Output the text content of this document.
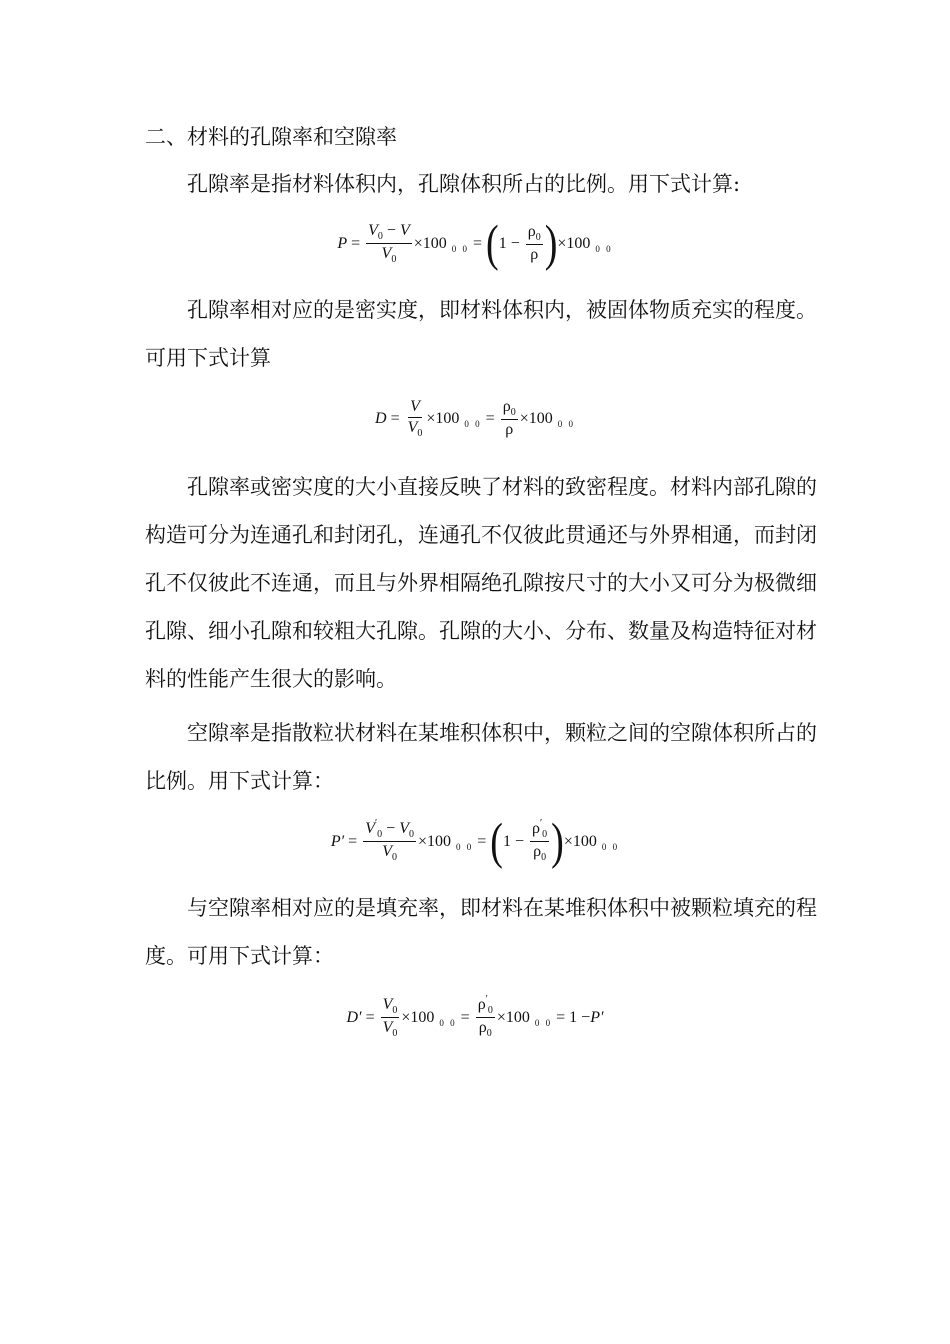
二、材料的孔隙率和空隙率

孔隙率是指材料体积内，孔隙体积所占的比例。用下式计算:

$P = \frac{V_0 - V}{V_0} \times 100$ 0 0 = ( $1 - \frac{\rho_0}{\rho}$ ) ×100 0 0

孔隙率相对应的是密实度，即材料体积内，被固体物质充实的程度。可用下式计算

$D = \frac{V}{V_0} \times 100$ 0 $0 = \frac{\rho_0}{\rho} \times 100$ 0 0

孔隙率或密实度的大小直接反映了材料的致密程度。材料内部孔隙的构造可分为连通孔和封闭孔，连通孔不仅彼此贯通还与外界相通，而封闭孔不仅彼此不连通，而且与外界相隔绝孔隙按尺寸的大小又可分为极微细孔隙、细小孔隙和较粗大孔隙。孔隙的大小、分布、数量及构造特征对材料的性能产生很大的影响。

空隙率是指散粒状材料在某堆积体积中，颗粒之间的空隙体积所占的比例。用下式计算：

$P' = \frac{V'_0 - V_0}{V_0} \times 100$ 0 0 = ( $1 - \frac{\rho'_0}{\rho_0}$ ) ×100 0 0

与空隙率相对应的是填充率，即材料在某堆积体积中被颗粒填充的程度。可用下式计算：

$D' = \frac{V_0}{V_0} \times 100$ 0 $0 = \frac{\rho'_0}{\rho_0} \times 100$ 0 0 = 1 − P′
